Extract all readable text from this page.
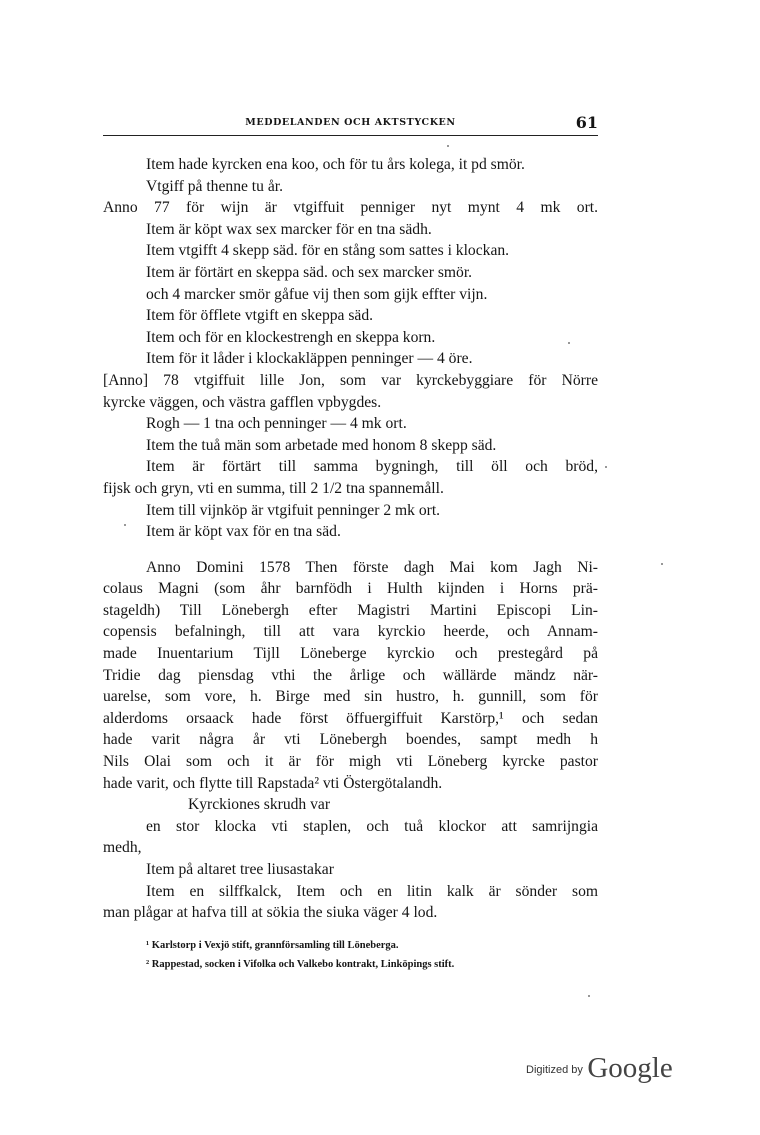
MEDDELANDEN OCH AKTSTYCKEN	61
Item hade kyrcken ena koo, och för tu års kolega, it pd smör.
Vtgiff på thenne tu år.
Anno 77 för wijn är vtgiffuit penniger nyt mynt 4 mk ort.
Item är köpt wax sex marcker för en tna sädh.
Item vtgifft 4 skepp säd. för en stång som sattes i klockan.
Item är förtärt en skeppa säd. och sex marcker smör.
och 4 marcker smör gåfue vij then som gijk effter vijn.
Item för öfflete vtgift en skeppa säd.
Item och för en klockestrengh en skeppa korn.
Item för it låder i klockakläppen penninger — 4 öre.
[Anno] 78 vtgiffuit lille Jon, som var kyrckebyggiare för Nörre
kyrcke väggen, och västra gafflen vpbygdes.
Rogh — 1 tna och penninger — 4 mk ort.
Item the tuå män som arbetade med honom 8 skepp säd.
Item är förtärt till samma bygningh, till öll och bröd,
fijsk och gryn, vti en summa, till 2 1/2 tna spannemåll.
Item till vijnköp är vtgifuit penninger 2 mk ort.
Item är köpt vax för en tna säd.
Anno Domini 1578 Then förste dagh Mai kom Jagh Ni-
colaus Magni (som åhr barnfödh i Hulth kijnden i Horns prä-
stageldh) Till Lönebergh efter Magistri Martini Episcopi Lin-
copensis befalningh, till att vara kyrckio heerde, och Annam-
made Inuentarium Tijll Löneberge kyrckio och prestegård på
Tridie dag piensdag vthi the årlige och wällärde mändz när-
uarelse, som vore, h. Birge med sin hustro, h. gunnill, som för
alderdoms orsaack hade först öffuergiffuit Karstörp,¹ och sedan
hade varit några år vti Lönebergh boendes, sampt medh h
Nils Olai som och it är för migh vti Löneberg kyrcke pastor
hade varit, och flytte till Rapstada² vti Östergötalandh.
Kyrckiones skrudh var
en stor klocka vti staplen, och tuå klockor att samrijngia
medh,
Item på altaret tree liusastakar
Item en silffkalck, Item och en litin kalk är sönder som
man plågar at hafva till at sökia the siuka väger 4 lod.
¹ Karlstorp i Vexjö stift, grannförsamling till Löneberga.
² Rappestad, socken i Vifolka och Valkebo kontrakt, Linköpings stift.
$^{Digitized by}$ Google
